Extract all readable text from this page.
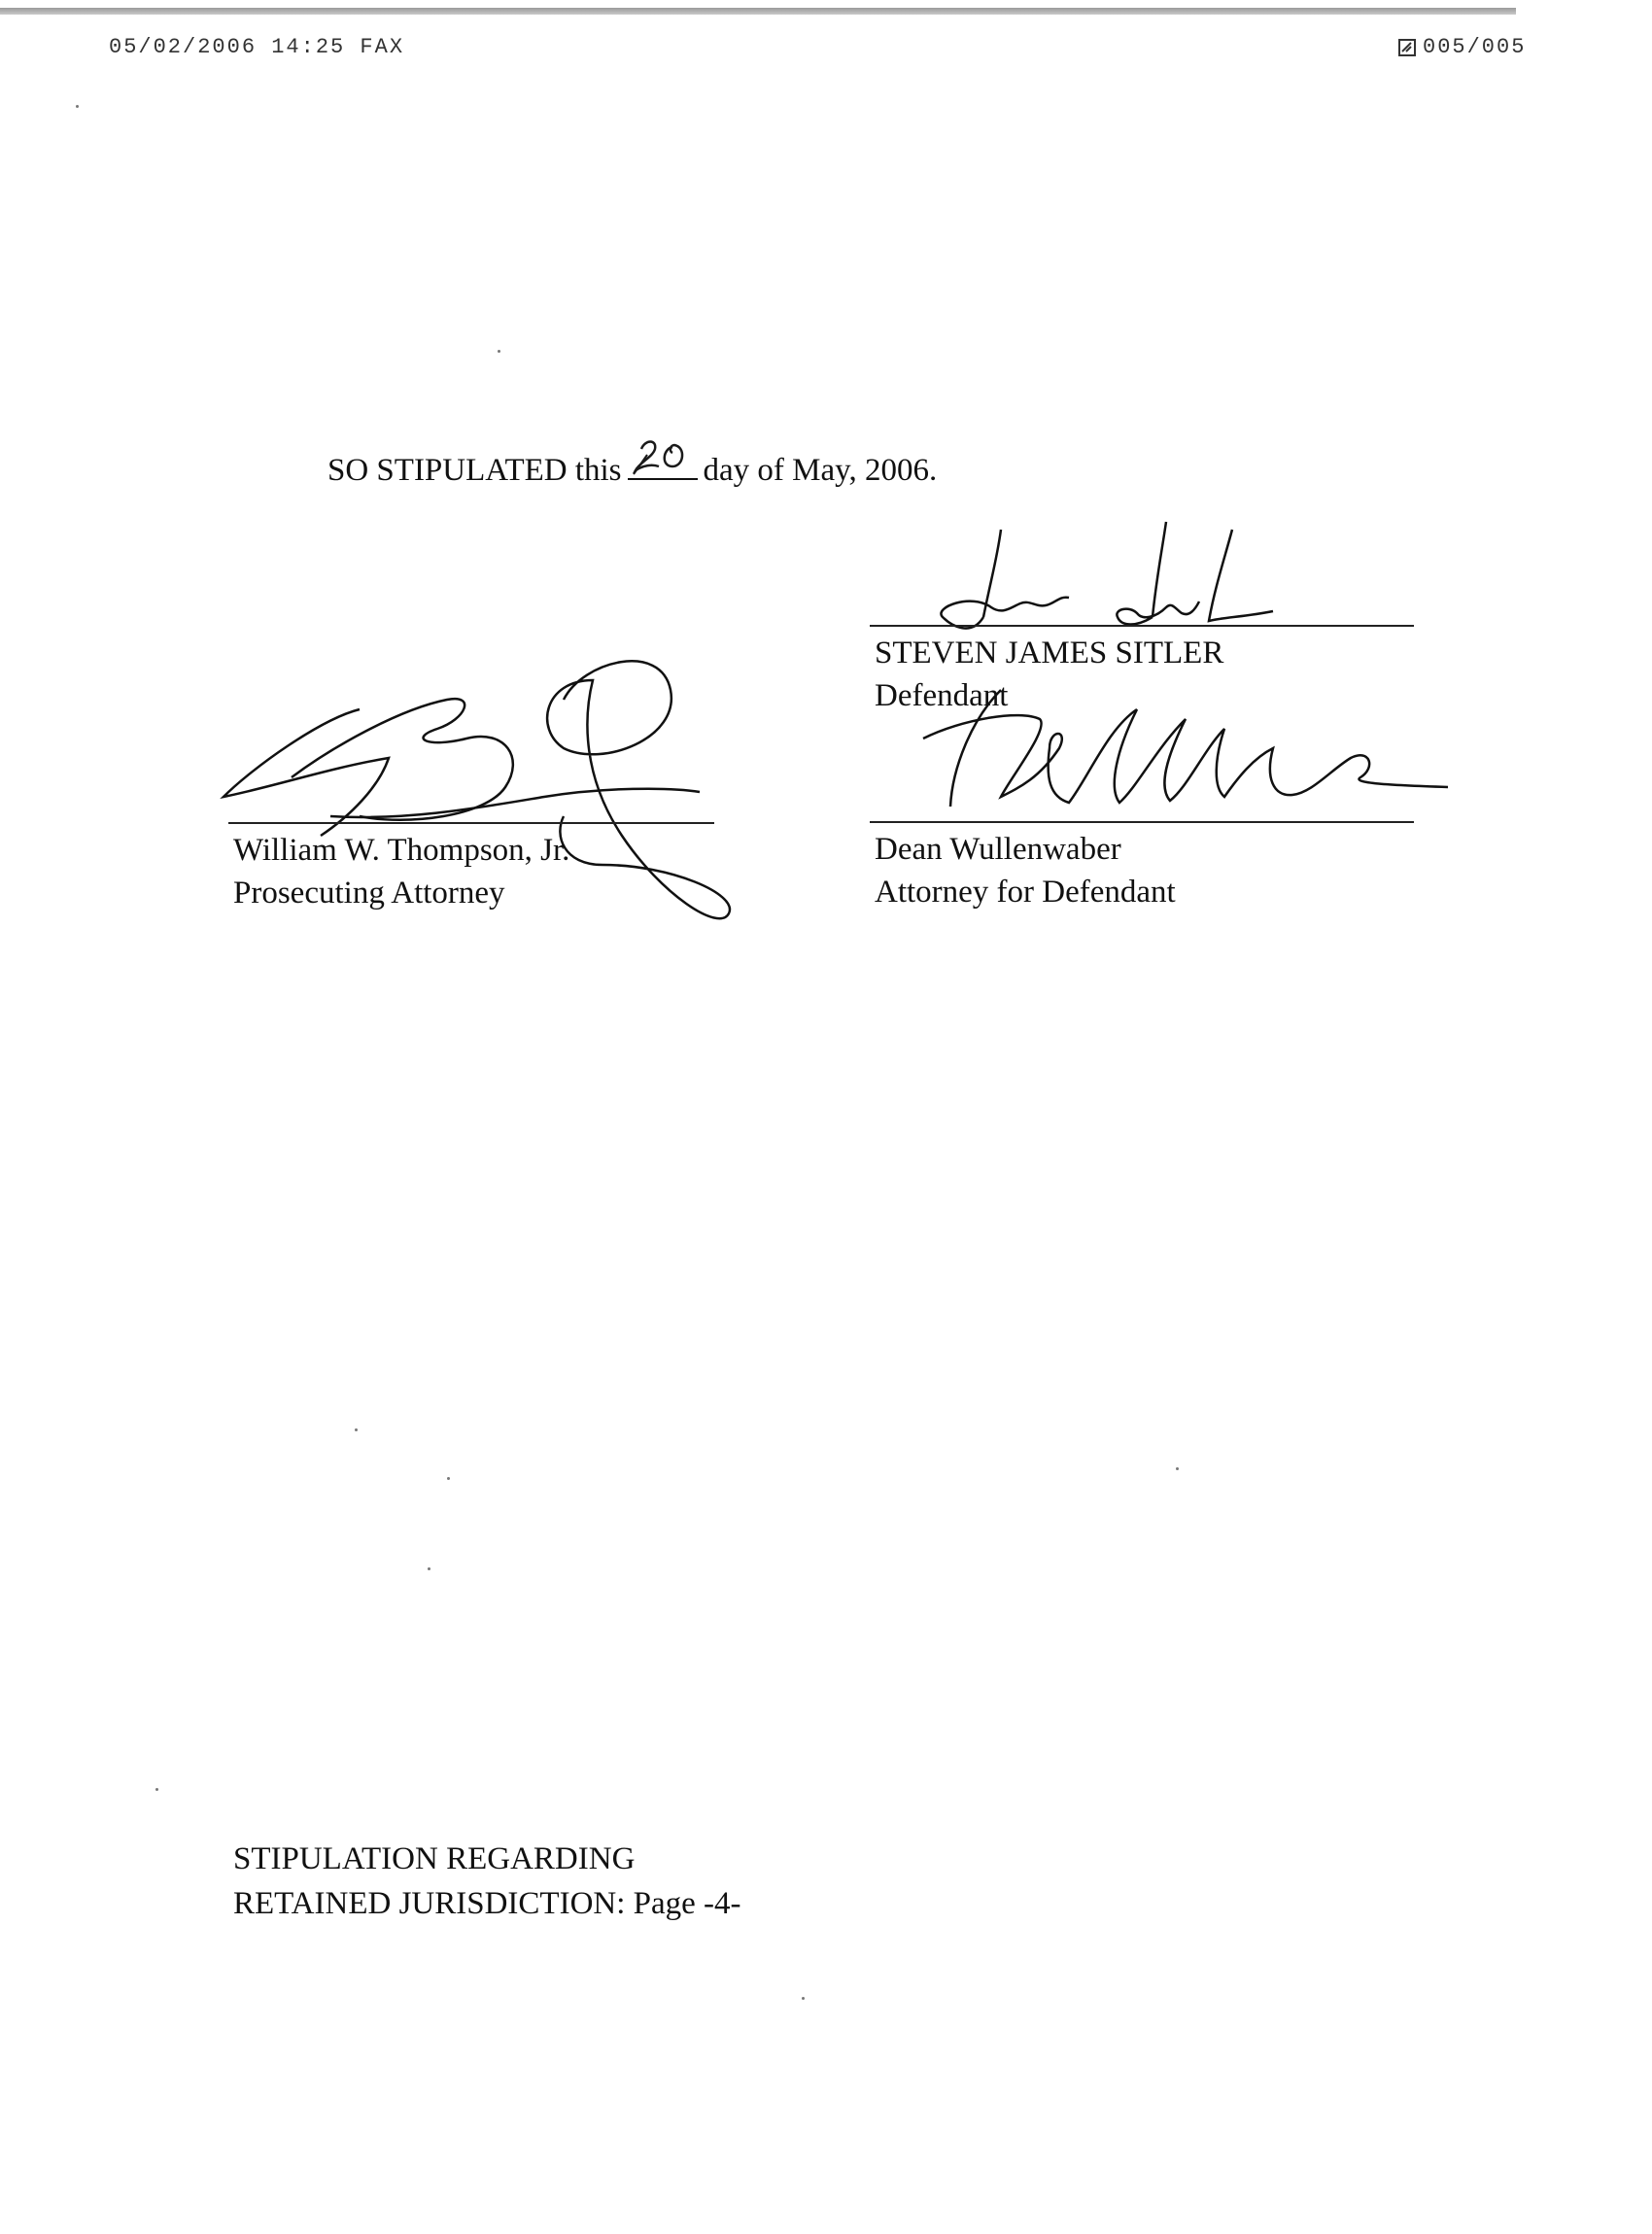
05/02/2006 14:25 FAX	005/005
SO STIPULATED this	day of May, 2006.
STEVEN JAMES SITLER
Defendant
Dean Wullenwaber
Attorney for Defendant
William W. Thompson, Jr.
Prosecuting Attorney
STIPULATION REGARDING
RETAINED JURISDICTION: Page -4-
